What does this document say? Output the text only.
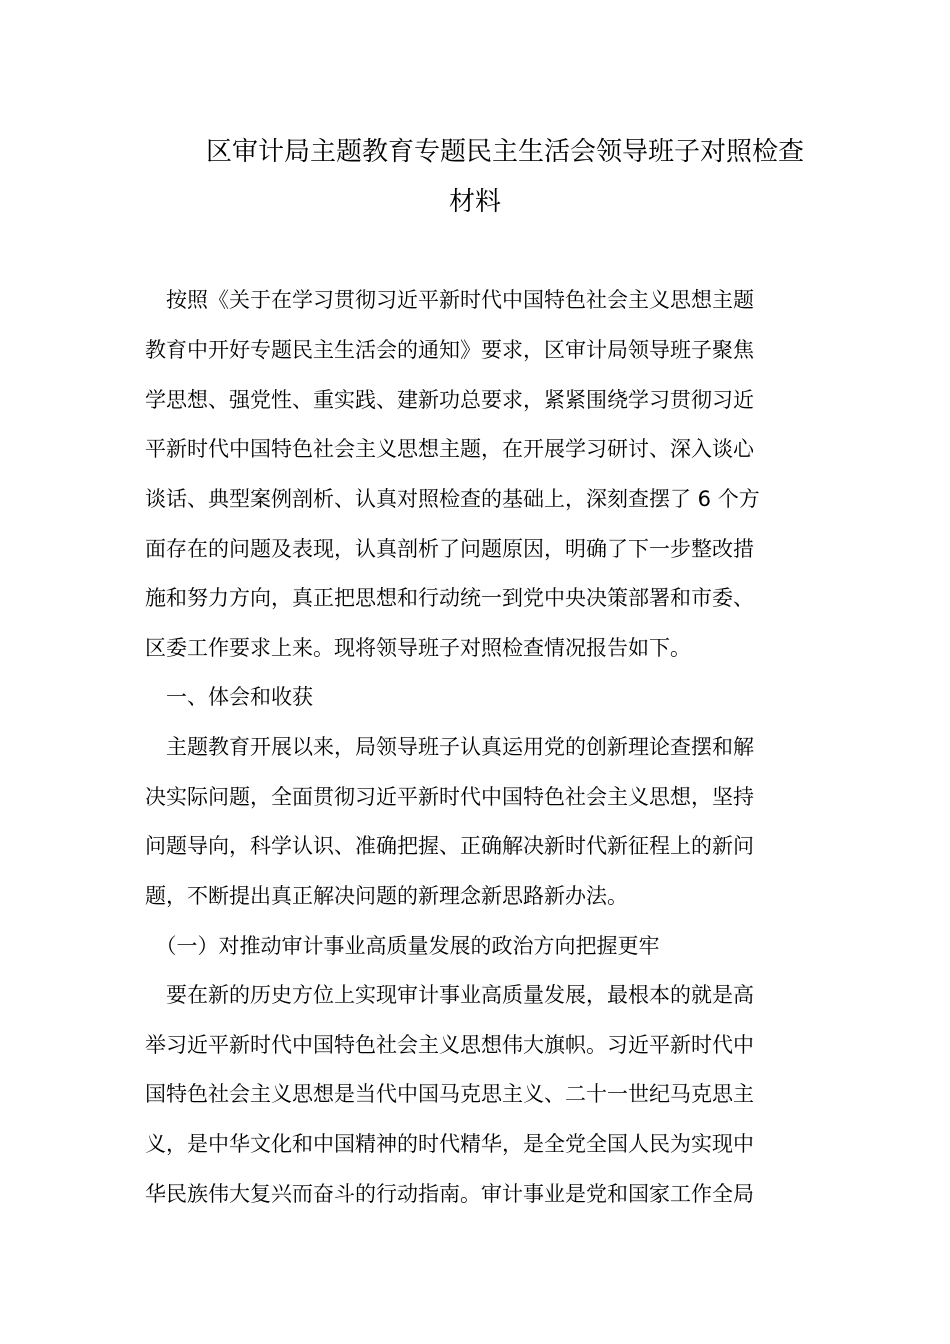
区审计局主题教育专题民主生活会领导班子对照检查
材料

　按照《关于在学习贯彻习近平新时代中国特色社会主义思想主题

教育中开好专题民主生活会的通知》要求，区审计局领导班子聚焦

学思想、强党性、重实践、建新功总要求，紧紧围绕学习贯彻习近

平新时代中国特色社会主义思想主题，在开展学习研讨、深入谈心

谈话、典型案例剖析、认真对照检查的基础上，深刻查摆了 6 个方

面存在的问题及表现，认真剖析了问题原因，明确了下一步整改措

施和努力方向，真正把思想和行动统一到党中央决策部署和市委、

区委工作要求上来。现将领导班子对照检查情况报告如下。

　一、体会和收获

　主题教育开展以来，局领导班子认真运用党的创新理论查摆和解

决实际问题，全面贯彻习近平新时代中国特色社会主义思想，坚持

问题导向，科学认识、准确把握、正确解决新时代新征程上的新问

题，不断提出真正解决问题的新理念新思路新办法。

　（一）对推动审计事业高质量发展的政治方向把握更牢

　要在新的历史方位上实现审计事业高质量发展，最根本的就是高

举习近平新时代中国特色社会主义思想伟大旗帜。习近平新时代中

国特色社会主义思想是当代中国马克思主义、二十一世纪马克思主

义，是中华文化和中国精神的时代精华，是全党全国人民为实现中

华民族伟大复兴而奋斗的行动指南。审计事业是党和国家工作全局
